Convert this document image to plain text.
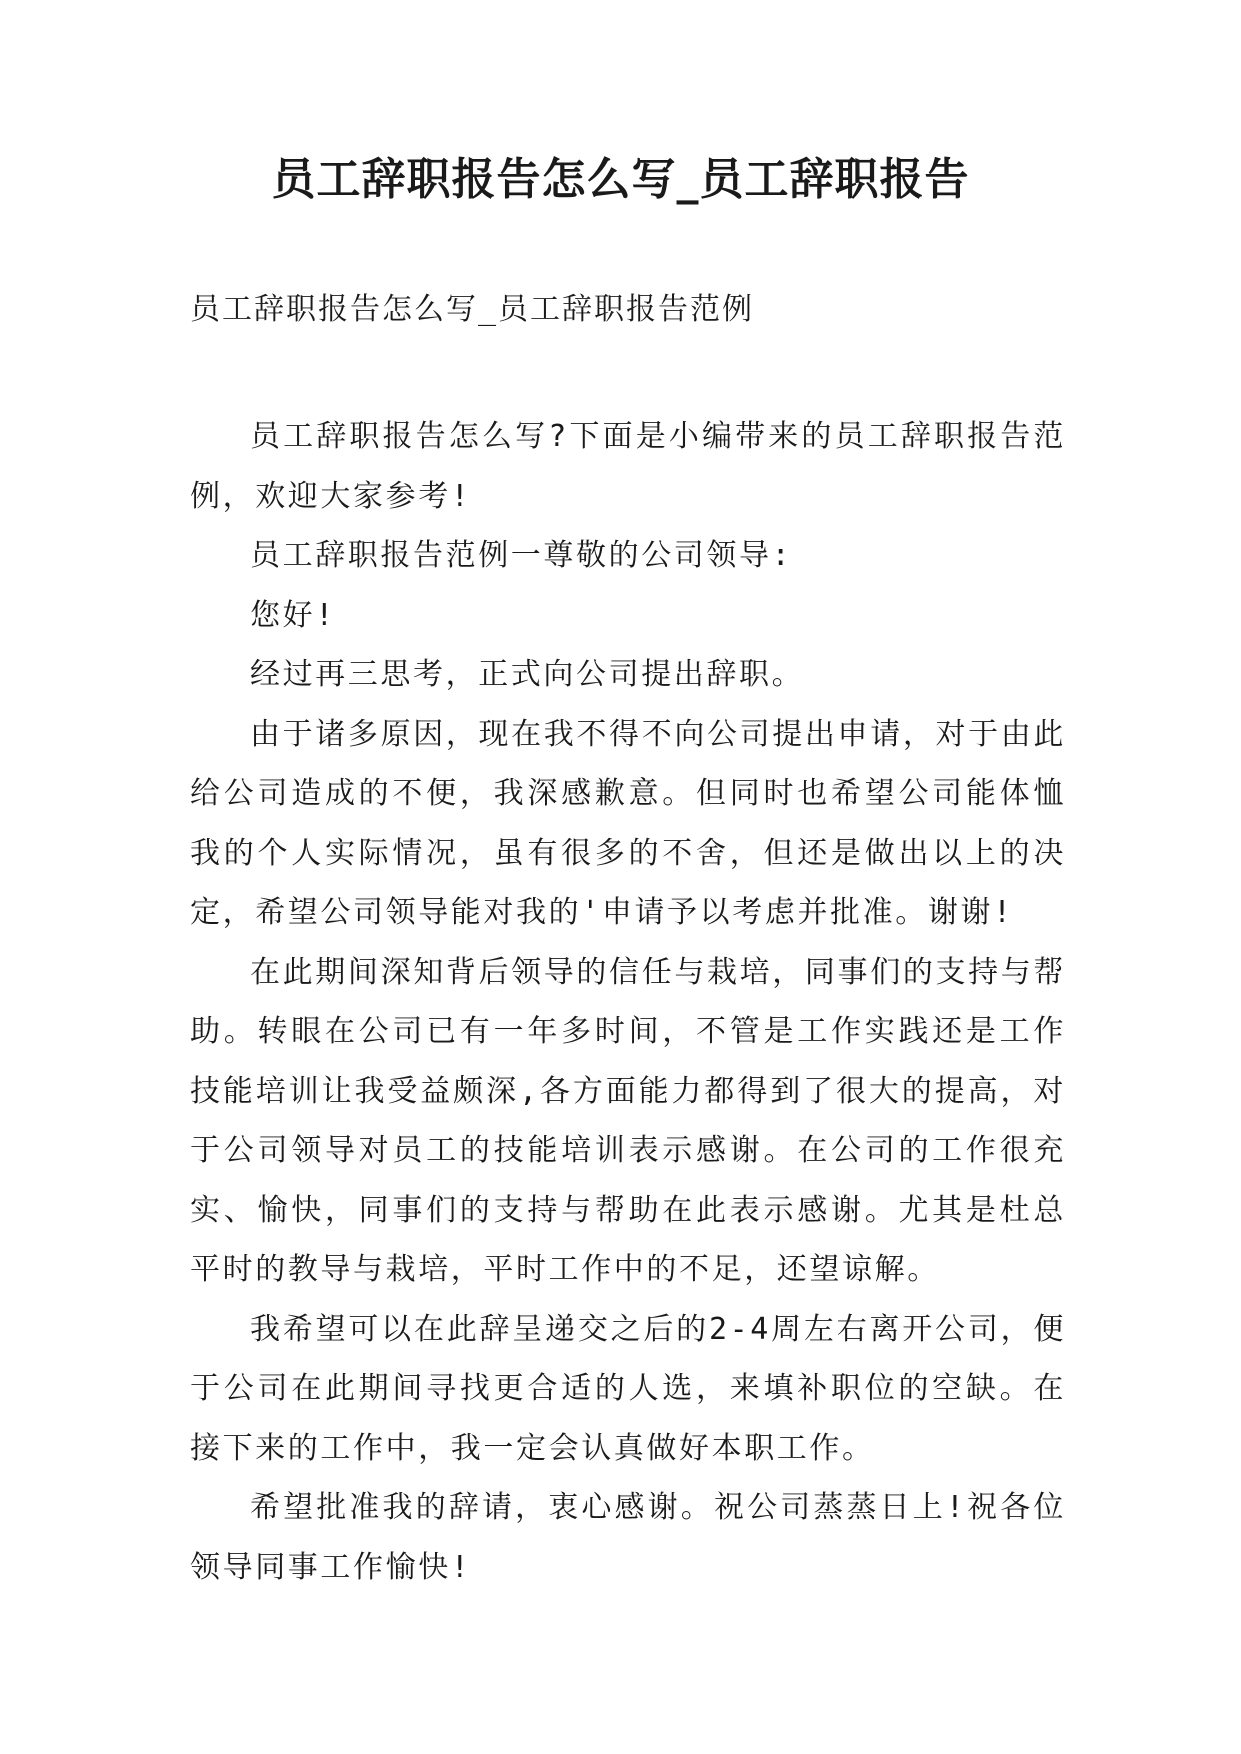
员工辞职报告怎么写_员工辞职报告
员工辞职报告怎么写_员工辞职报告范例

员工辞职报告怎么写?下面是小编带来的员工辞职报告范例，欢迎大家参考!

员工辞职报告范例一尊敬的公司领导:

您好!

经过再三思考，正式向公司提出辞职。

由于诸多原因，现在我不得不向公司提出申请，对于由此给公司造成的不便，我深感歉意。但同时也希望公司能体恤我的个人实际情况，虽有很多的不舍，但还是做出以上的决定，希望公司领导能对我的'申请予以考虑并批准。谢谢!

在此期间深知背后领导的信任与栽培，同事们的支持与帮助。转眼在公司已有一年多时间，不管是工作实践还是工作技能培训让我受益颇深,各方面能力都得到了很大的提高，对于公司领导对员工的技能培训表示感谢。在公司的工作很充实、愉快，同事们的支持与帮助在此表示感谢。尤其是杜总平时的教导与栽培，平时工作中的不足，还望谅解。

我希望可以在此辞呈递交之后的2-4周左右离开公司，便于公司在此期间寻找更合适的人选，来填补职位的空缺。在接下来的工作中，我一定会认真做好本职工作。

希望批准我的辞请，衷心感谢。祝公司蒸蒸日上!祝各位领导同事工作愉快!
